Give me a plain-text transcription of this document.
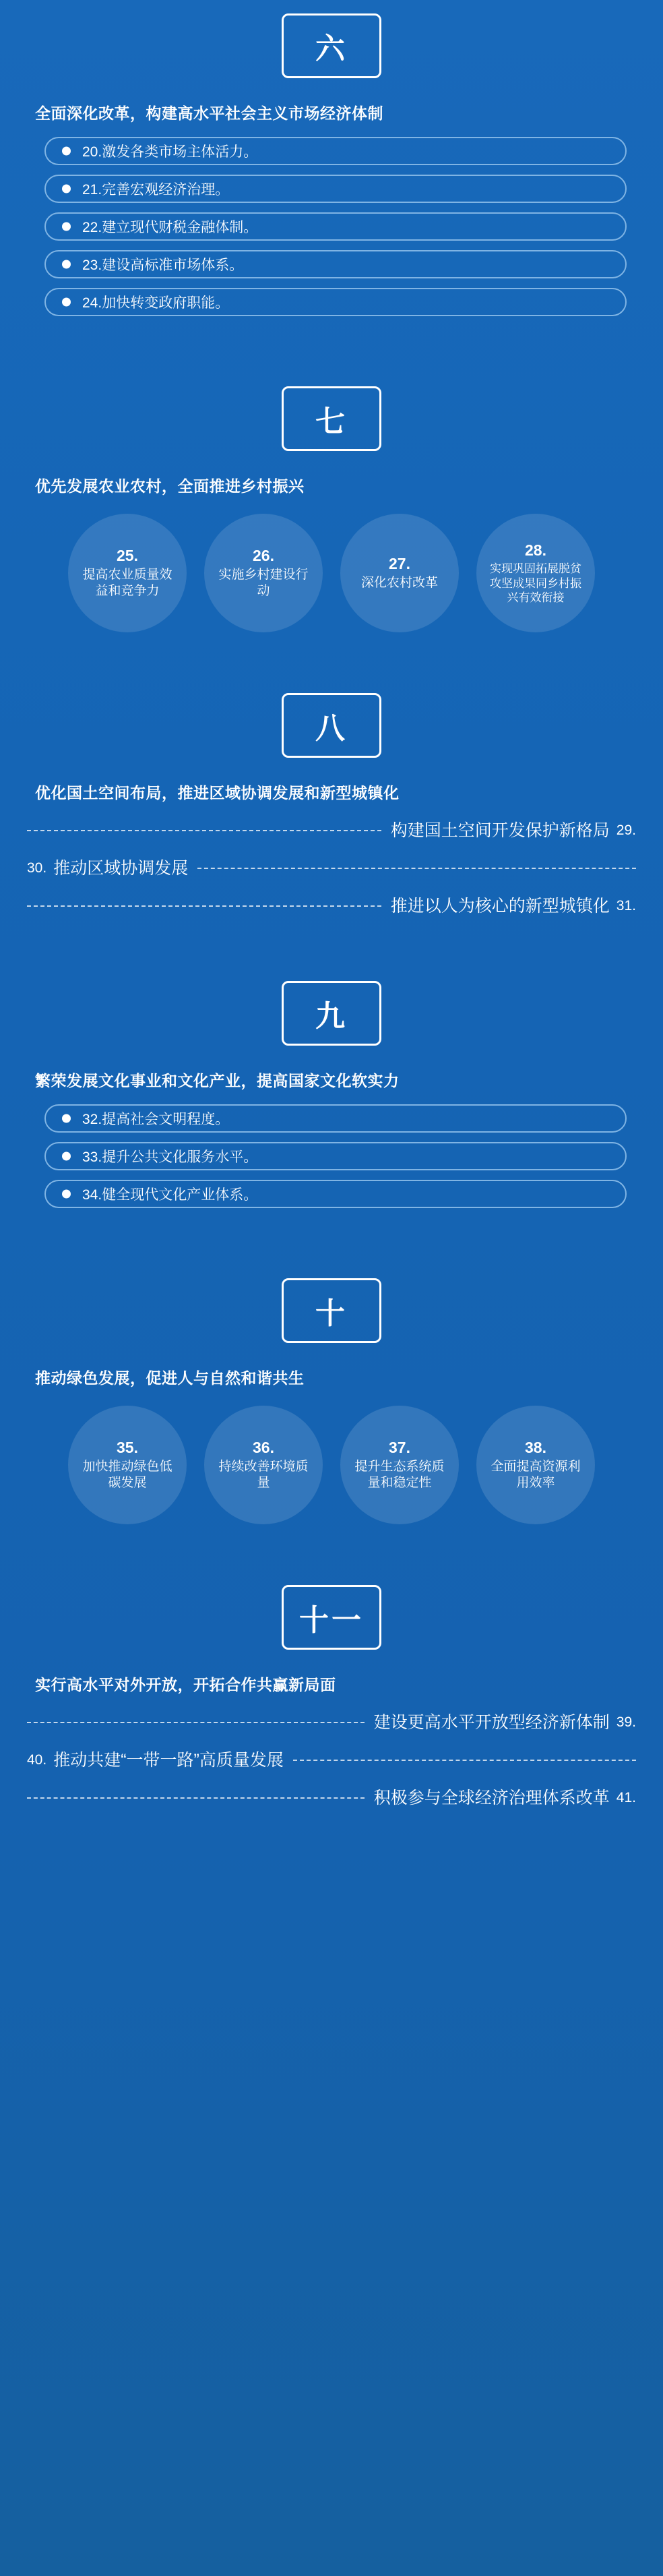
六
全面深化改革，构建高水平社会主义市场经济体制
20.激发各类市场主体活力。
21.完善宏观经济治理。
22.建立现代财税金融体制。
23.建设高标准市场体系。
24.加快转变政府职能。
七
优先发展农业农村，全面推进乡村振兴
25.
提高农业质量效益和竞争力
26.
实施乡村建设行动
27.
深化农村改革
28.
实现巩固拓展脱贫攻坚成果同乡村振兴有效衔接
八
优化国土空间布局，推进区域协调发展和新型城镇化
构建国土空间开发保护新格局 29.
30. 推动区域协调发展
推进以人为核心的新型城镇化 31.
九
繁荣发展文化事业和文化产业，提高国家文化软实力
32.提高社会文明程度。
33.提升公共文化服务水平。
34.健全现代文化产业体系。
十
推动绿色发展，促进人与自然和谐共生
35.
加快推动绿色低碳发展
36.
持续改善环境质量
37.
提升生态系统质量和稳定性
38.
全面提高资源利用效率
十一
实行高水平对外开放，开拓合作共赢新局面
建设更高水平开放型经济新体制 39.
40. 推动共建“一带一路”高质量发展
积极参与全球经济治理体系改革 41.
